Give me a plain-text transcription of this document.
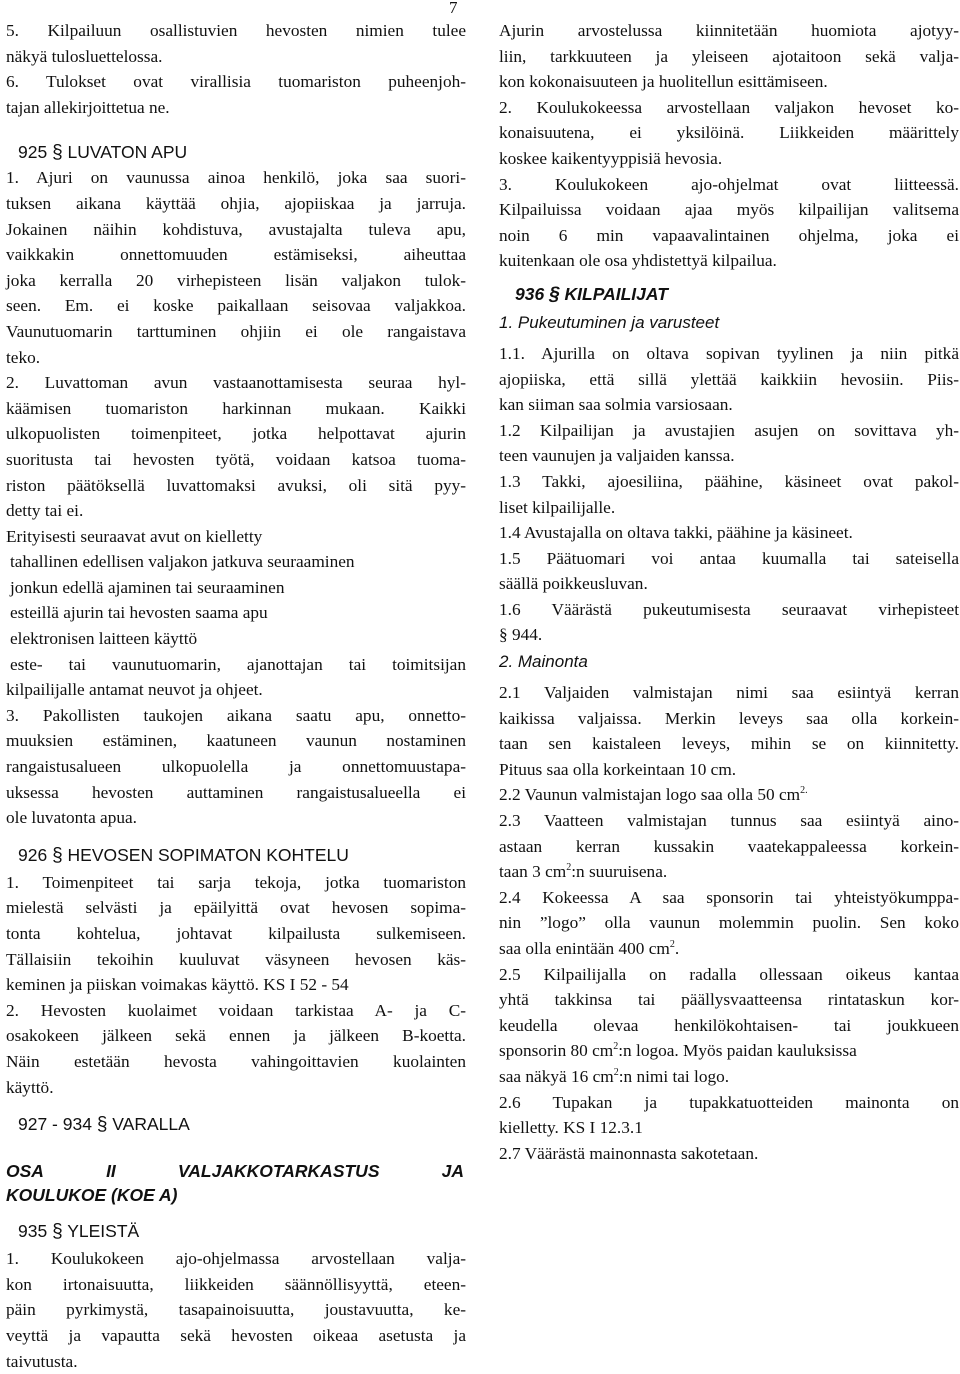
7
5. Kilpailuun osallistuvien hevosten nimien tulee
näkyä tulosluettelossa.
6. Tulokset ovat virallisia tuomariston puheenjoh-
tajan allekirjoittetua ne.
925 § LUVATON APU
1. Ajuri on vaunussa ainoa henkilö, joka saa suori-
tuksen aikana käyttää ohjia, ajopiiskaa ja jarruja.
Jokainen näihin kohdistuva, avustajalta tuleva apu,
vaikkakin onnettomuuden estämiseksi, aiheuttaa
joka kerralla 20 virhepisteen lisän valjakon tulok-
seen. Em. ei koske paikallaan seisovaa valjakkoa.
Vaunutuomarin tarttuminen ohjiin ei ole rangaistava
teko.
2. Luvattoman avun vastaanottamisesta seuraa hyl-
käämisen tuomariston harkinnan mukaan. Kaikki
ulkopuolisten toimenpiteet, jotka helpottavat ajurin
suoritusta tai hevosten työtä, voidaan katsoa tuoma-
riston päätöksellä luvattomaksi avuksi, oli sitä pyy-
detty tai ei.
Erityisesti seuraavat avut on kielletty
tahallinen edellisen valjakon jatkuva seuraaminen
jonkun edellä ajaminen tai seuraaminen
esteillä ajurin tai hevosten saama apu
elektronisen laitteen käyttö
este- tai vaunutuomarin, ajanottajan tai toimitsijan
kilpailijalle antamat neuvot ja ohjeet.
3. Pakollisten taukojen aikana saatu apu, onnetto-
muuksien estäminen, kaatuneen vaunun nostaminen
rangaistusalueen ulkopuolella ja onnettomuustapa-
uksessa hevosten auttaminen rangaistusalueella ei
ole luvatonta apua.
926 § HEVOSEN SOPIMATON KOHTELU
1. Toimenpiteet tai sarja tekoja, jotka tuomariston
mielestä selvästi ja epäilyittä ovat hevosen sopima-
tonta kohtelua, johtavat kilpailusta sulkemiseen.
Tällaisiin tekoihin kuuluvat väsyneen hevosen käs-
keminen ja piiskan voimakas käyttö. KS I 52 - 54
2. Hevosten kuolaimet voidaan tarkistaa A- ja C-
osakokeen jälkeen sekä ennen ja jälkeen B-koetta.
Näin estetään hevosta vahingoittavien kuolainten
käyttö.
927 - 934 § VARALLA
OSA	II	VALJAKKOTARKASTUS	JA
KOULUKOE (KOE A)
935 § YLEISTÄ
1. Koulukokeen ajo-ohjelmassa arvostellaan valja-
kon irtonaisuutta, liikkeiden säännöllisyyttä, eteen-
päin pyrkimystä, tasapainoisuutta, joustavuutta, ke-
veyttä ja vapautta sekä hevosten oikeaa asetusta ja
taivutusta.
Ajurin arvostelussa kiinnitetään huomiota ajotyy-
liin, tarkkuuteen ja yleiseen ajotaitoon sekä valja-
kon kokonaisuuteen ja huolitellun esittämiseen.
2. Koulukokeessa arvostellaan valjakon hevoset ko-
konaisuutena, ei yksilöinä. Liikkeiden määrittely
koskee kaikentyyppisiä hevosia.
3. Koulukokeen ajo-ohjelmat ovat liitteessä.
Kilpailuissa voidaan ajaa myös kilpailijan valitsema
noin 6 min vapaavalintainen ohjelma, joka ei
kuitenkaan ole osa yhdistettyä kilpailua.
936 § KILPAILIJAT
1. Pukeutuminen ja varusteet
1.1. Ajurilla on oltava sopivan tyylinen ja niin pitkä
ajopiiska, että sillä ylettää kaikkiin hevosiin. Piis-
kan siiman saa solmia varsiosaan.
1.2 Kilpailijan ja avustajien asujen on sovittava yh-
teen vaunujen ja valjaiden kanssa.
1.3 Takki, ajoesiliina, päähine, käsineet ovat pakol-
liset kilpailijalle.
1.4 Avustajalla on oltava takki, päähine ja käsineet.
1.5 Päätuomari voi antaa kuumalla tai sateisella
säällä poikkeusluvan.
1.6 Väärästä pukeutumisesta seuraavat virhepisteet
§ 944.
2. Mainonta
2.1 Valjaiden valmistajan nimi saa esiintyä kerran
kaikissa valjaissa. Merkin leveys saa olla korkein-
taan sen kaistaleen leveys, mihin se on kiinnitetty.
Pituus saa olla korkeintaan 10 cm.
2.2 Vaunun valmistajan logo saa olla 50 $cm^{2.}$
2.3 Vaatteen valmistajan tunnus saa esiintyä aino-
astaan kerran kussakin vaatekappaleessa korkein-
taan 3 $cm^2:n$ suuruisena.
2.4 Kokeessa A saa sponsorin tai yhteistyökumppa-
nin ”logo” olla vaunun molemmin puolin. Sen koko
saa olla enintään 400 $cm^2$.
2.5 Kilpailijalla on radalla ollessaan oikeus kantaa
yhtä takkinsa tai päällysvaatteensa rintataskun kor-
keudella olevaa henkilökohtaisen- tai joukkueen
sponsorin 80 $cm^2:n$ logoa. Myös paidan kauluksissa
saa näkyä 16 $cm^2:n$ nimi tai logo.
2.6 Tupakan ja tupakkatuotteiden mainonta on
kielletty. KS I 12.3.1
2.7 Väärästä mainonnasta sakotetaan.
